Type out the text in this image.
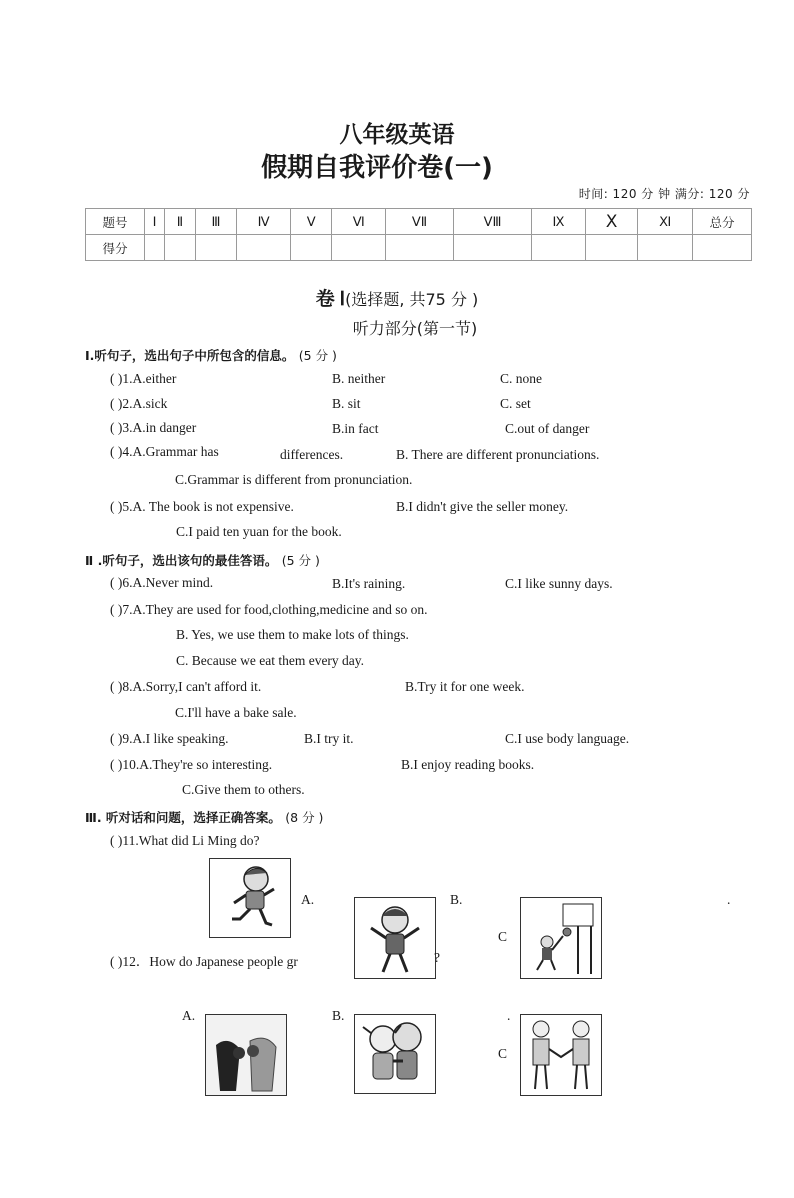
八年级英语
假期自我评价卷(一)
时间: 120 分 钟 满分: 120 分
题号	Ⅰ	Ⅱ	Ⅲ	Ⅳ	Ⅴ	Ⅵ	ⅤⅡ	ⅤⅢ	Ⅸ	Ⅹ	Ⅺ	总分
得分												
卷 Ⅰ(选择题, 共75 分 )
听力部分(第一节)
Ⅰ.听句子，选出句子中所包含的信息。 (5 分 )
( )1.A.either	B. neither	C. none
( )2.A.sick	B. sit	C. set
( )3.A.in danger	B.in fact	C.out of danger
( )4.A.Grammar has	differences.	B. There are different pronunciations.
C.Grammar is different from pronunciation.
( )5.A. The book is not expensive.	B.I didn't give the seller money.
C.I paid ten yuan for the book.
Ⅱ .听句子，选出该句的最佳答语。 (5 分 )
( )6.A.Never mind.	B.It's raining.	C.I like sunny days.
( )7.A.They are used for food,clothing,medicine and so on.
B. Yes, we use them to make lots of things.
C. Because we eat them every day.
( )8.A.Sorry,I can't afford it.	B.Try it for one week.
C.I'll have a bake sale.
( )9.A.I like speaking.	B.I try it.	C.I use body language.
( )10.A.They're so interesting.	B.I enjoy reading books.
C.Give them to others.
Ⅲ. 听对话和问题，选择正确答案。 (8 分 )
( )11.What did Li Ming do?
A.	B.
C
.
( )12．How do Japanese people gr	?
A.	B.	.
C
